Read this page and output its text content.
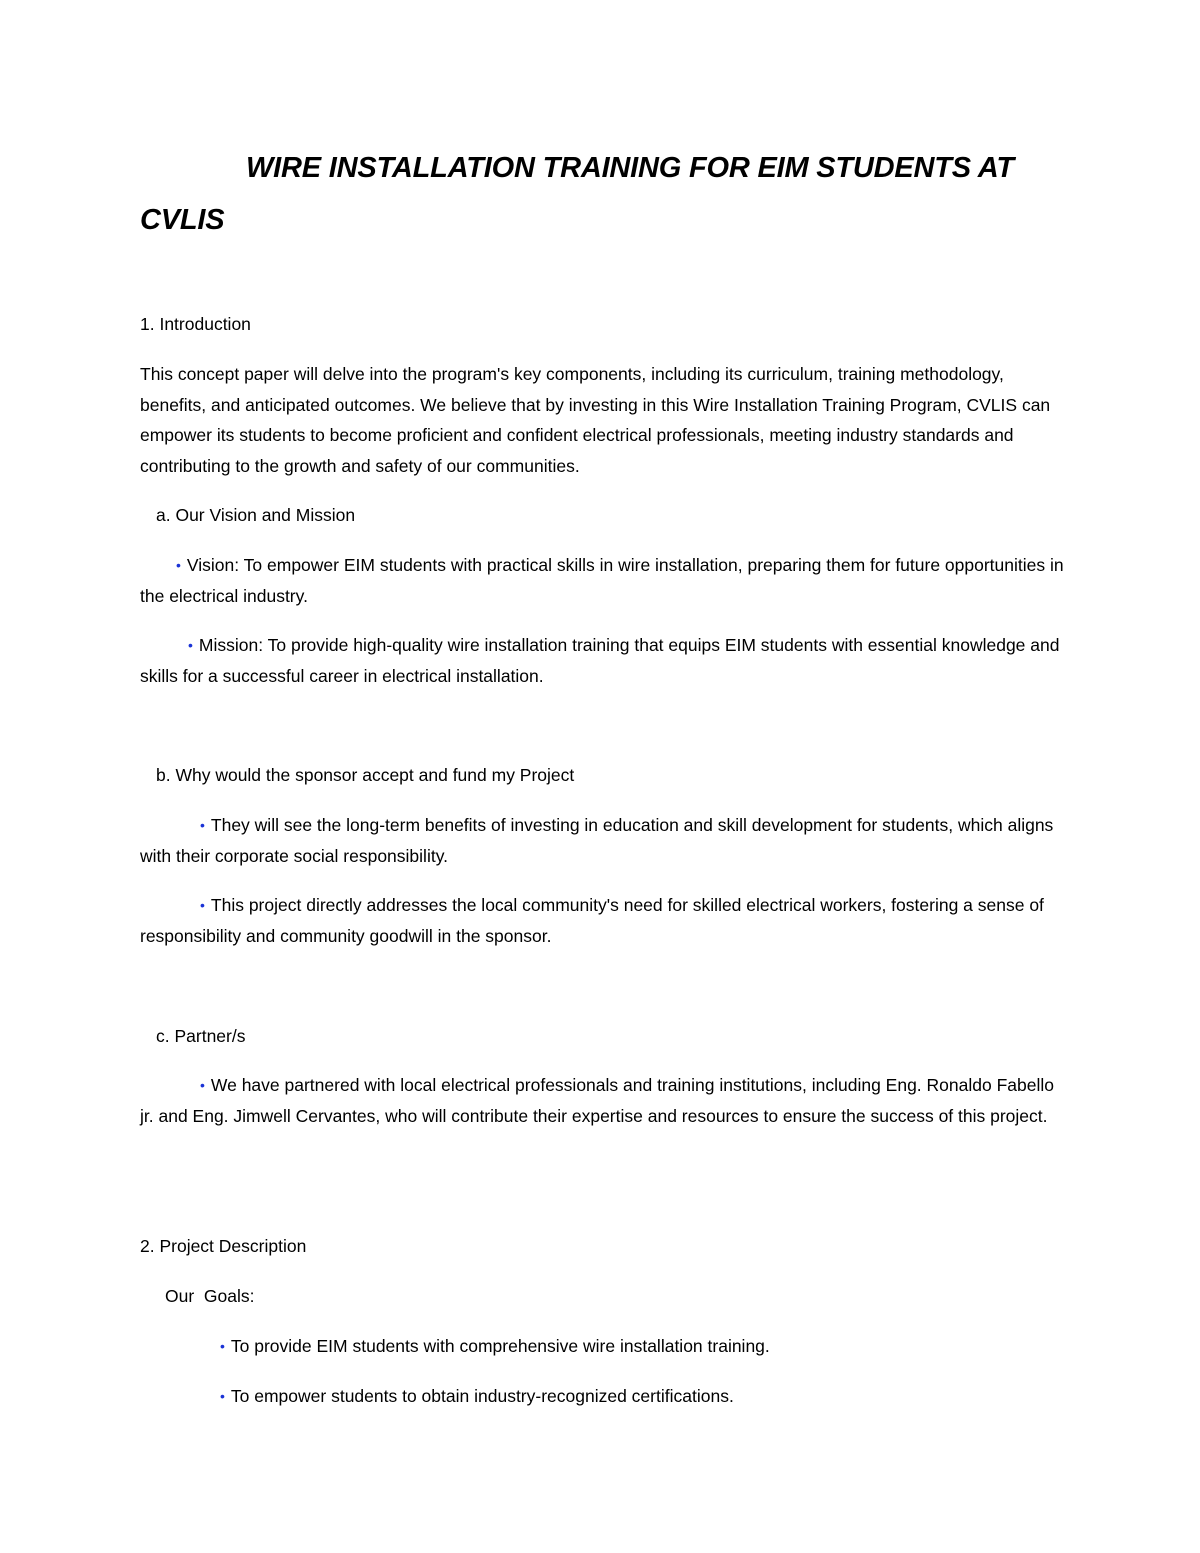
WIRE INSTALLATION TRAINING FOR EIM STUDENTS AT CVLIS

1. Introduction

This concept paper will delve into the program's key components, including its curriculum, training methodology, benefits, and anticipated outcomes. We believe that by investing in this Wire Installation Training Program, CVLIS can empower its students to become proficient and confident electrical professionals, meeting industry standards and contributing to the growth and safety of our communities.

a. Our Vision and Mission

• Vision: To empower EIM students with practical skills in wire installation, preparing them for future opportunities in the electrical industry.

• Mission: To provide high-quality wire installation training that equips EIM students with essential knowledge and skills for a successful career in electrical installation.

b. Why would the sponsor accept and fund my Project

• They will see the long-term benefits of investing in education and skill development for students, which aligns with their corporate social responsibility.

• This project directly addresses the local community's need for skilled electrical workers, fostering a sense of responsibility and community goodwill in the sponsor.

c. Partner/s

• We have partnered with local electrical professionals and training institutions, including Eng. Ronaldo Fabello jr. and Eng. Jimwell Cervantes, who will contribute their expertise and resources to ensure the success of this project.

2. Project Description

Our  Goals:

• To provide EIM students with comprehensive wire installation training.

• To empower students to obtain industry-recognized certifications.
